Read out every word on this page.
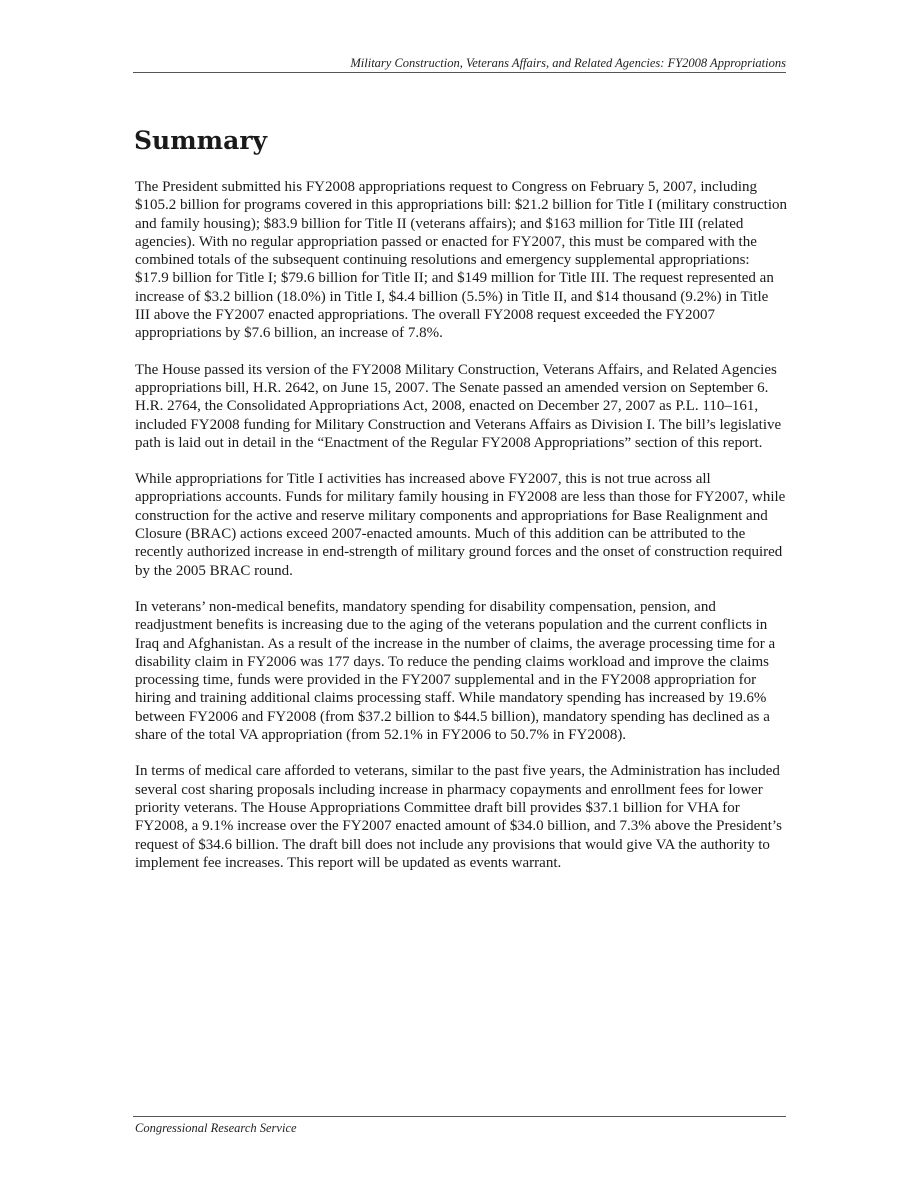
Military Construction, Veterans Affairs, and Related Agencies: FY2008 Appropriations
Summary

The President submitted his FY2008 appropriations request to Congress on February 5, 2007, including $105.2 billion for programs covered in this appropriations bill: $21.2 billion for Title I (military construction and family housing); $83.9 billion for Title II (veterans affairs); and $163 million for Title III (related agencies). With no regular appropriation passed or enacted for FY2007, this must be compared with the combined totals of the subsequent continuing resolutions and emergency supplemental appropriations: $17.9 billion for Title I; $79.6 billion for Title II; and $149 million for Title III. The request represented an increase of $3.2 billion (18.0%) in Title I, $4.4 billion (5.5%) in Title II, and $14 thousand (9.2%) in Title III above the FY2007 enacted appropriations. The overall FY2008 request exceeded the FY2007 appropriations by $7.6 billion, an increase of 7.8%.

The House passed its version of the FY2008 Military Construction, Veterans Affairs, and Related Agencies appropriations bill, H.R. 2642, on June 15, 2007. The Senate passed an amended version on September 6. H.R. 2764, the Consolidated Appropriations Act, 2008, enacted on December 27, 2007 as P.L. 110–161, included FY2008 funding for Military Construction and Veterans Affairs as Division I. The bill’s legislative path is laid out in detail in the “Enactment of the Regular FY2008 Appropriations” section of this report.

While appropriations for Title I activities has increased above FY2007, this is not true across all appropriations accounts. Funds for military family housing in FY2008 are less than those for FY2007, while construction for the active and reserve military components and appropriations for Base Realignment and Closure (BRAC) actions exceed 2007-enacted amounts. Much of this addition can be attributed to the recently authorized increase in end-strength of military ground forces and the onset of construction required by the 2005 BRAC round.

In veterans’ non-medical benefits, mandatory spending for disability compensation, pension, and readjustment benefits is increasing due to the aging of the veterans population and the current conflicts in Iraq and Afghanistan. As a result of the increase in the number of claims, the average processing time for a disability claim in FY2006 was 177 days. To reduce the pending claims workload and improve the claims processing time, funds were provided in the FY2007 supplemental and in the FY2008 appropriation for hiring and training additional claims processing staff. While mandatory spending has increased by 19.6% between FY2006 and FY2008 (from $37.2 billion to $44.5 billion), mandatory spending has declined as a share of the total VA appropriation (from 52.1% in FY2006 to 50.7% in FY2008).

In terms of medical care afforded to veterans, similar to the past five years, the Administration has included several cost sharing proposals including increase in pharmacy copayments and enrollment fees for lower priority veterans. The House Appropriations Committee draft bill provides $37.1 billion for VHA for FY2008, a 9.1% increase over the FY2007 enacted amount of $34.0 billion, and 7.3% above the President’s request of $34.6 billion. The draft bill does not include any provisions that would give VA the authority to implement fee increases. This report will be updated as events warrant.

Congressional Research Service
